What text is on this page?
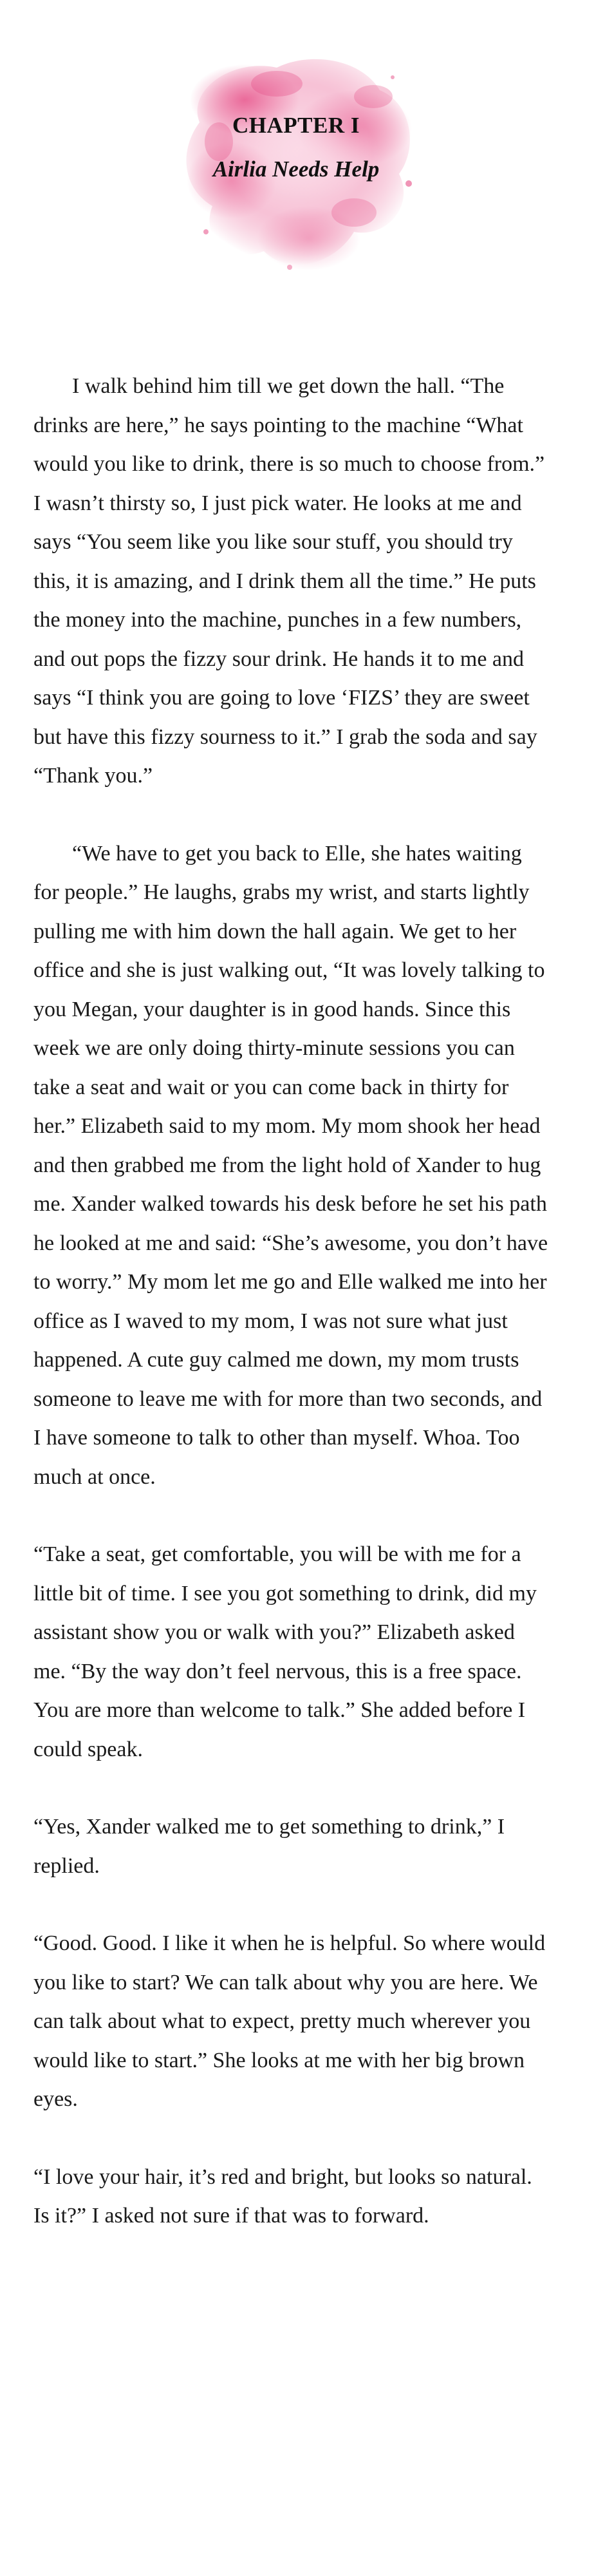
CHAPTER I
Airlia Needs Help

I walk behind him till we get down the hall. “The drinks are here,” he says pointing to the machine “What would you like to drink, there is so much to choose from.” I wasn’t thirsty so, I just pick water. He looks at me and says “You seem like you like sour stuff, you should try this, it is amazing, and I drink them all the time.” He puts the money into the machine, punches in a few numbers, and out pops the fizzy sour drink. He hands it to me and says “I think you are going to love ‘FIZS’ they are sweet but have this fizzy sourness to it.” I grab the soda and say “Thank you.”

“We have to get you back to Elle, she hates waiting for people.” He laughs, grabs my wrist, and starts lightly pulling me with him down the hall again. We get to her office and she is just walking out, “It was lovely talking to you Megan, your daughter is in good hands. Since this week we are only doing thirty-minute sessions you can take a seat and wait or you can come back in thirty for her.” Elizabeth said to my mom. My mom shook her head and then grabbed me from the light hold of Xander to hug me. Xander walked towards his desk before he set his path he looked at me and said: “She’s awesome, you don’t have to worry.” My mom let me go and Elle walked me into her office as I waved to my mom, I was not sure what just happened. A cute guy calmed me down, my mom trusts someone to leave me with for more than two seconds, and I have someone to talk to other than myself. Whoa. Too much at once.

“Take a seat, get comfortable, you will be with me for a little bit of time. I see you got something to drink, did my assistant show you or walk with you?” Elizabeth asked me. “By the way don’t feel nervous, this is a free space. You are more than welcome to talk.” She added before I could speak.

“Yes, Xander walked me to get something to drink,” I replied.

“Good. Good. I like it when he is helpful. So where would you like to start? We can talk about why you are here. We can talk about what to expect, pretty much wherever you would like to start.” She looks at me with her big brown eyes.

“I love your hair, it’s red and bright, but looks so natural. Is it?” I asked not sure if that was to forward.
